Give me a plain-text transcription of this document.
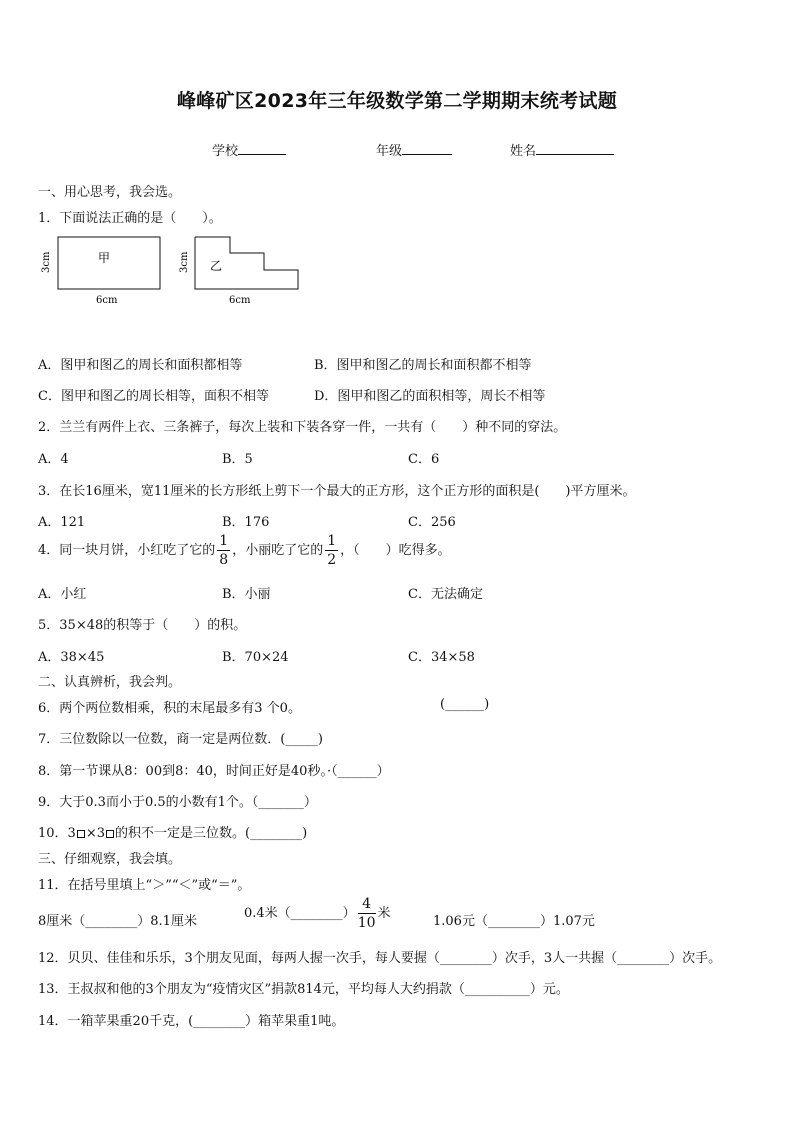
峰峰矿区2023年三年级数学第二学期期末统考试题
学校	年级	姓名
一、用心思考，我会选。
1．下面说法正确的是（　　）。
甲
3cm
6cm
乙
3cm
6cm
A．图甲和图乙的周长和面积都相等	B．图甲和图乙的周长和面积都不相等
C．图甲和图乙的周长相等，面积不相等	D．图甲和图乙的面积相等，周长不相等
2．兰兰有两件上衣、三条裤子，每次上装和下装各穿一件，一共有（　　）种不同的穿法。
A．4	B．5	C．6
3．在长16厘米，宽11厘米的长方形纸上剪下一个最大的正方形，这个正方形的面积是(　　)平方厘米。
A．121	B．176	C．256
4．同一块月饼，小红吃了它的 $\frac{1}{8}$ ，小丽吃了它的 $\frac{1}{2}$ ，（　　）吃得多。
A．小红	B．小丽	C．无法确定
5．35×48的积等于（　　）的积。
A．38×45	B．70×24	C．34×58
二、认真辨析，我会判。
6．两个两位数相乘，积的末尾最多有3 个0。	(______)
7．三位数除以一位数，商一定是两位数．(_____)
8．第一节课从8：00到8：40，时间正好是40秒。·（______）
9．大于0.3而小于0.5的小数有1个。（_______）
10．3 ×3 的积不一定是三位数。(________)
三、仔细观察，我会填。
11．在括号里填上“＞”“＜”或“＝”。
8厘米（________）8.1厘米
0.4米（________） $\frac{4}{10}$ 米
1.06元（________）1.07元
12．贝贝、佳佳和乐乐，3个朋友见面，每两人握一次手，每人要握（________）次手，3人一共握（________）次手。
13．王叔叔和他的3个朋友为“疫情灾区”捐款814元，平均每人大约捐款（__________）元。
14．一箱苹果重20千克，(________）箱苹果重1吨。
